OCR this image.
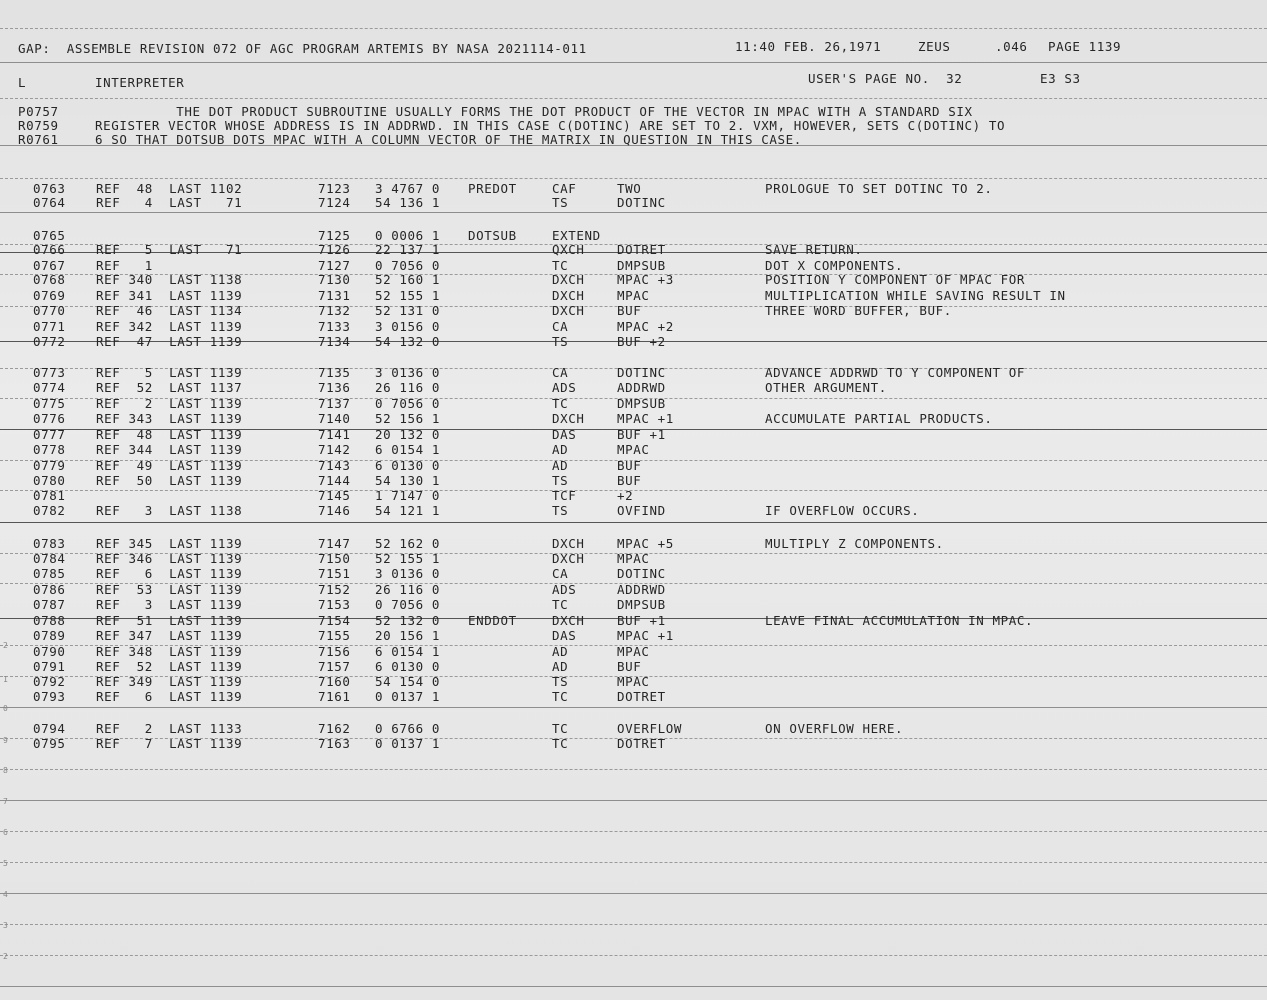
GAP:  ASSEMBLE REVISION 072 OF AGC PROGRAM ARTEMIS BY NASA 2021114-011	11:40 FEB. 26,1971	ZEUS	.046 PAGE 1139
L	INTERPRETER	USER'S PAGE NO.  32	E3 S3
P0757	THE DOT PRODUCT SUBROUTINE USUALLY FORMS THE DOT PRODUCT OF THE VECTOR IN MPAC WITH A STANDARD SIX
R0759	REGISTER VECTOR WHOSE ADDRESS IS IN ADDRWD. IN THIS CASE C(DOTINC) ARE SET TO 2. VXM, HOWEVER, SETS C(DOTINC) TO
R0761	6 SO THAT DOTSUB DOTS MPAC WITH A COLUMN VECTOR OF THE MATRIX IN QUESTION IN THIS CASE.
0763 REF  48  LAST 1102	7123 3 4767 0 PREDOT	CAF	TWO	PROLOGUE TO SET DOTINC TO 2.
0764 REF   4  LAST   71	7124 54 136 1	TS	DOTINC
0765	7125 0 0006 1 DOTSUB	EXTEND
0766 REF   5  LAST   71	7126 22 137 1	QXCH	DOTRET	SAVE RETURN.
0767 REF   1	7127 0 7056 0	TC	DMPSUB	DOT X COMPONENTS.
0768 REF 340  LAST 1138	7130 52 160 1	DXCH	MPAC +3	POSITION Y COMPONENT OF MPAC FOR
0769 REF 341  LAST 1139	7131 52 155 1	DXCH	MPAC	MULTIPLICATION WHILE SAVING RESULT IN
0770 REF  46  LAST 1134	7132 52 131 0	DXCH	BUF	THREE WORD BUFFER, BUF.
0771 REF 342  LAST 1139	7133 3 0156 0	CA	MPAC +2
0772 REF  47  LAST 1139	7134 54 132 0	TS	BUF +2
0773 REF   5  LAST 1139	7135 3 0136 0	CA	DOTINC	ADVANCE ADDRWD TO Y COMPONENT OF
0774 REF  52  LAST 1137	7136 26 116 0	ADS	ADDRWD	OTHER ARGUMENT.
0775 REF   2  LAST 1139	7137 0 7056 0	TC	DMPSUB
0776 REF 343  LAST 1139	7140 52 156 1	DXCH	MPAC +1	ACCUMULATE PARTIAL PRODUCTS.
0777 REF  48  LAST 1139	7141 20 132 0	DAS	BUF +1
0778 REF 344  LAST 1139	7142 6 0154 1	AD	MPAC
0779 REF  49  LAST 1139	7143 6 0130 0	AD	BUF
0780 REF  50  LAST 1139	7144 54 130 1	TS	BUF
0781	7145 1 7147 0	TCF	+2
0782 REF   3  LAST 1138	7146 54 121 1	TS	OVFIND	IF OVERFLOW OCCURS.
0783 REF 345  LAST 1139	7147 52 162 0	DXCH	MPAC +5	MULTIPLY Z COMPONENTS.
0784 REF 346  LAST 1139	7150 52 155 1	DXCH	MPAC
0785 REF   6  LAST 1139	7151 3 0136 0	CA	DOTINC
0786 REF  53  LAST 1139	7152 26 116 0	ADS	ADDRWD
0787 REF   3  LAST 1139	7153 0 7056 0	TC	DMPSUB
0788 REF  51  LAST 1139	7154 52 132 0 ENDDOT	DXCH	BUF +1	LEAVE FINAL ACCUMULATION IN MPAC.
0789 REF 347  LAST 1139	7155 20 156 1	DAS	MPAC +1
0790 REF 348  LAST 1139	7156 6 0154 1	AD	MPAC
0791 REF  52  LAST 1139	7157 6 0130 0	AD	BUF
0792 REF 349  LAST 1139	7160 54 154 0	TS	MPAC
0793 REF   6  LAST 1139	7161 0 0137 1	TC	DOTRET
0794 REF   2  LAST 1133	7162 0 6766 0	TC	OVERFLOW	ON OVERFLOW HERE.
0795 REF   7  LAST 1139	7163 0 0137 1	TC	DOTRET
2
1
0
9
8
7
6
5
4
3
2
